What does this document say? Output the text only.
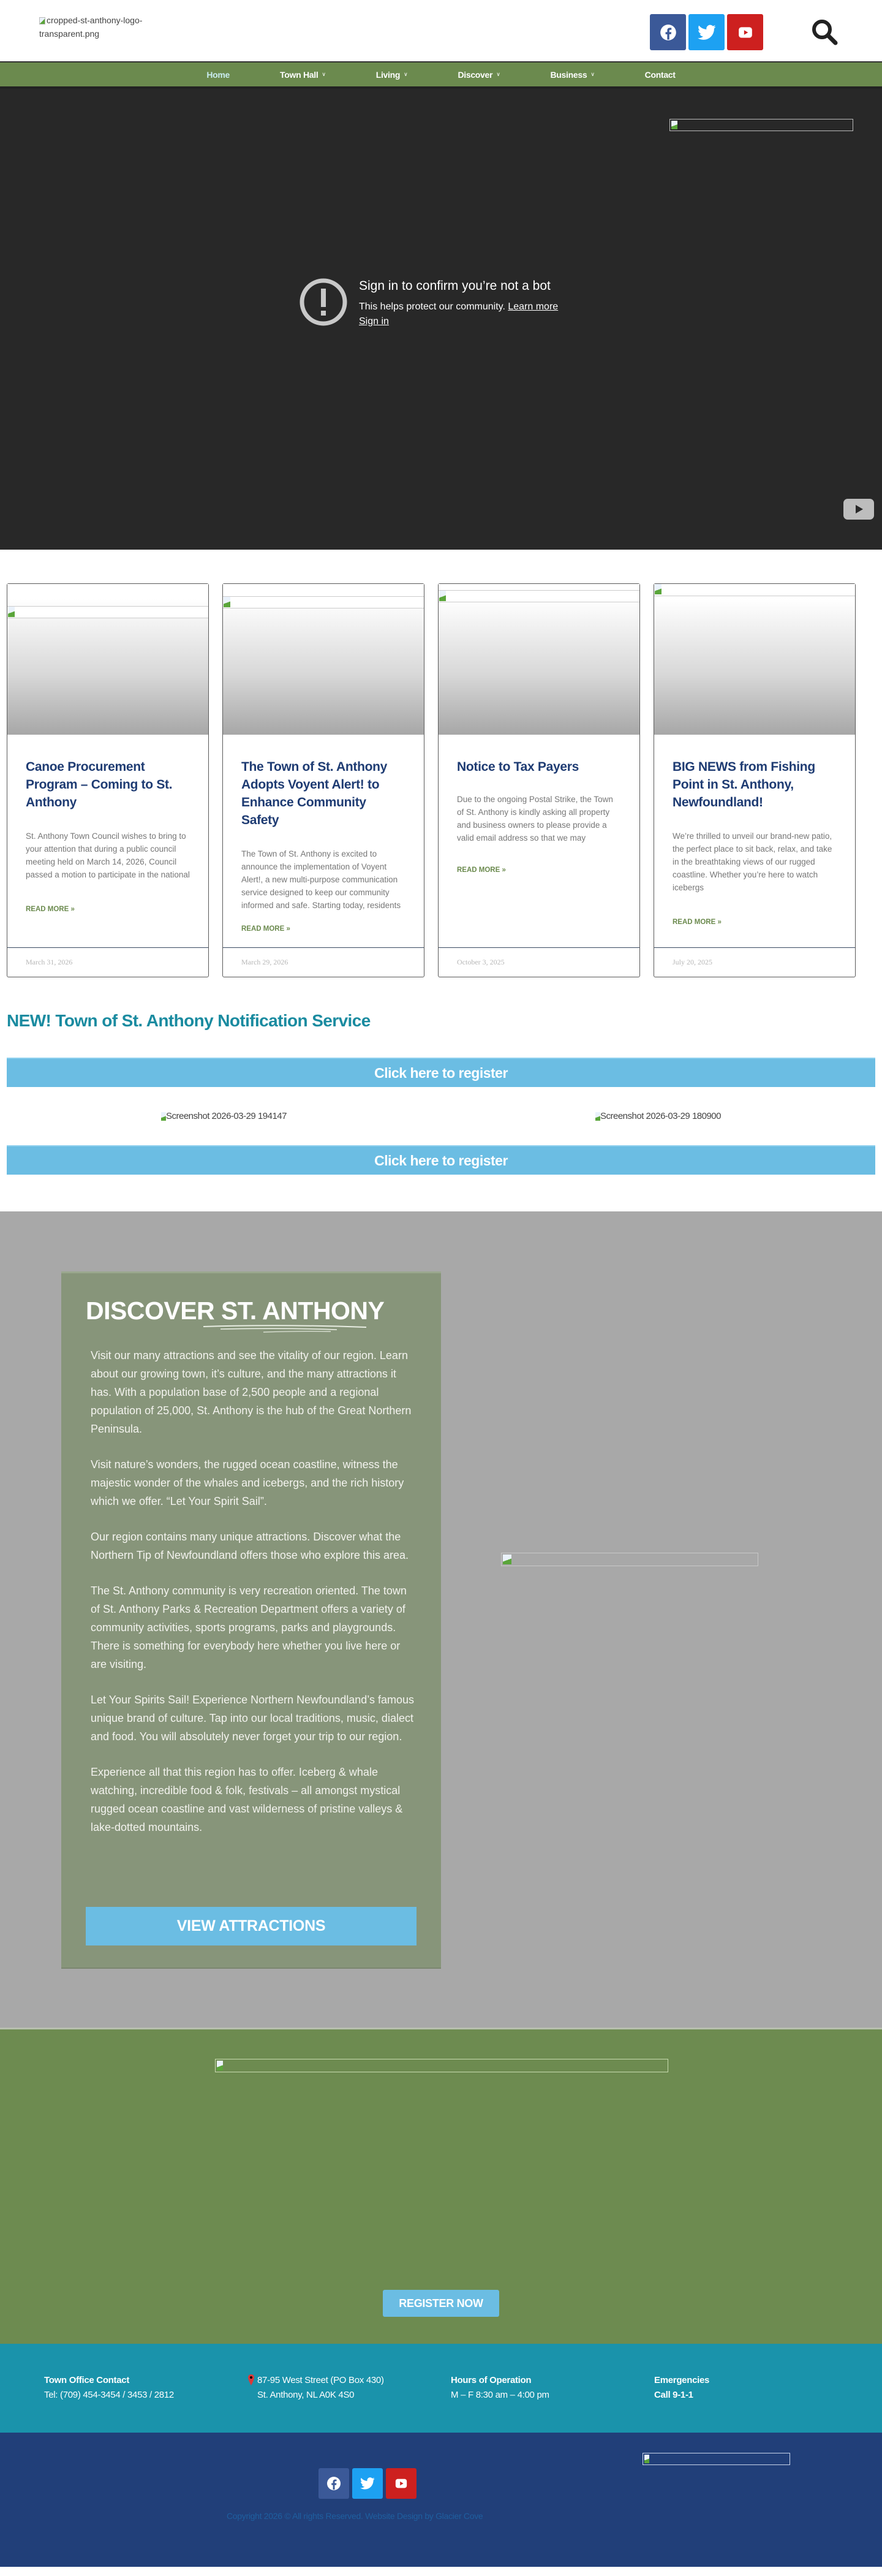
cropped-st-anthony-logo-transparent.png
Home	Town Hall ∨	Living ∨	Discover ∨	Business ∨	Contact
Sign in to confirm you’re not a bot

This helps protect our community. Learn more

Sign in

Canoe Procurement Program – Coming to St. Anthony

St. Anthony Town Council wishes to bring to your attention that during a public council meeting held on March 14, 2026, Council passed a motion to participate in the national

READ MORE »
March 31, 2026
The Town of St. Anthony Adopts Voyent Alert! to Enhance Community Safety

The Town of St. Anthony is excited to announce the implementation of Voyent Alert!, a new multi-purpose communication service designed to keep our community informed and safe. Starting today, residents

READ MORE »
March 29, 2026
Notice to Tax Payers

Due to the ongoing Postal Strike, the Town of St. Anthony is kindly asking all property and business owners to please provide a valid email address so that we may

READ MORE »
October 3, 2025
BIG NEWS from Fishing Point in St. Anthony, Newfoundland!

We’re thrilled to unveil our brand-new patio, the perfect place to sit back, relax, and take in the breathtaking views of our rugged coastline. Whether you’re here to watch icebergs

READ MORE »
July 20, 2025
NEW! Town of St. Anthony Notification Service
Click here to register
Screenshot 2026-03-29 194147	Screenshot 2026-03-29 180900
Click here to register
DISCOVER ST. ANTHONY

Visit our many attractions and see the vitality of our region. Learn about our growing town, it’s culture, and the many attractions it has. With a population base of 2,500 people and a regional population of 25,000, St. Anthony is the hub of the Great Northern Peninsula.

Visit nature’s wonders, the rugged ocean coastline, witness the majestic wonder of the whales and icebergs, and the rich history which we offer. “Let Your Spirit Sail”.

Our region contains many unique attractions. Discover what the Northern Tip of Newfoundland offers those who explore this area.

The St. Anthony community is very recreation oriented. The town of St. Anthony Parks & Recreation Department offers a variety of community activities, sports programs, parks and playgrounds. There is something for everybody here whether you live here or are visiting.

Let Your Spirits Sail! Experience Northern Newfoundland’s famous unique brand of culture. Tap into our local traditions, music, dialect and food. You will absolutely never forget your trip to our region.

Experience all that this region has to offer. Iceberg & whale watching, incredible food & folk, festivals – all amongst mystical rugged ocean coastline and vast wilderness of pristine valleys & lake-dotted mountains.

VIEW ATTRACTIONS
REGISTER NOW
Town Office Contact
Tel: (709) 454-3454 / 3453 / 2812
87-95 West Street (PO Box 430)
St. Anthony, NL A0K 4S0
Hours of Operation
M – F 8:30 am – 4:00 pm
Emergencies
Call 9-1-1
Copyright 2026 © All rights Reserved. Website Design by Glacier Cove
